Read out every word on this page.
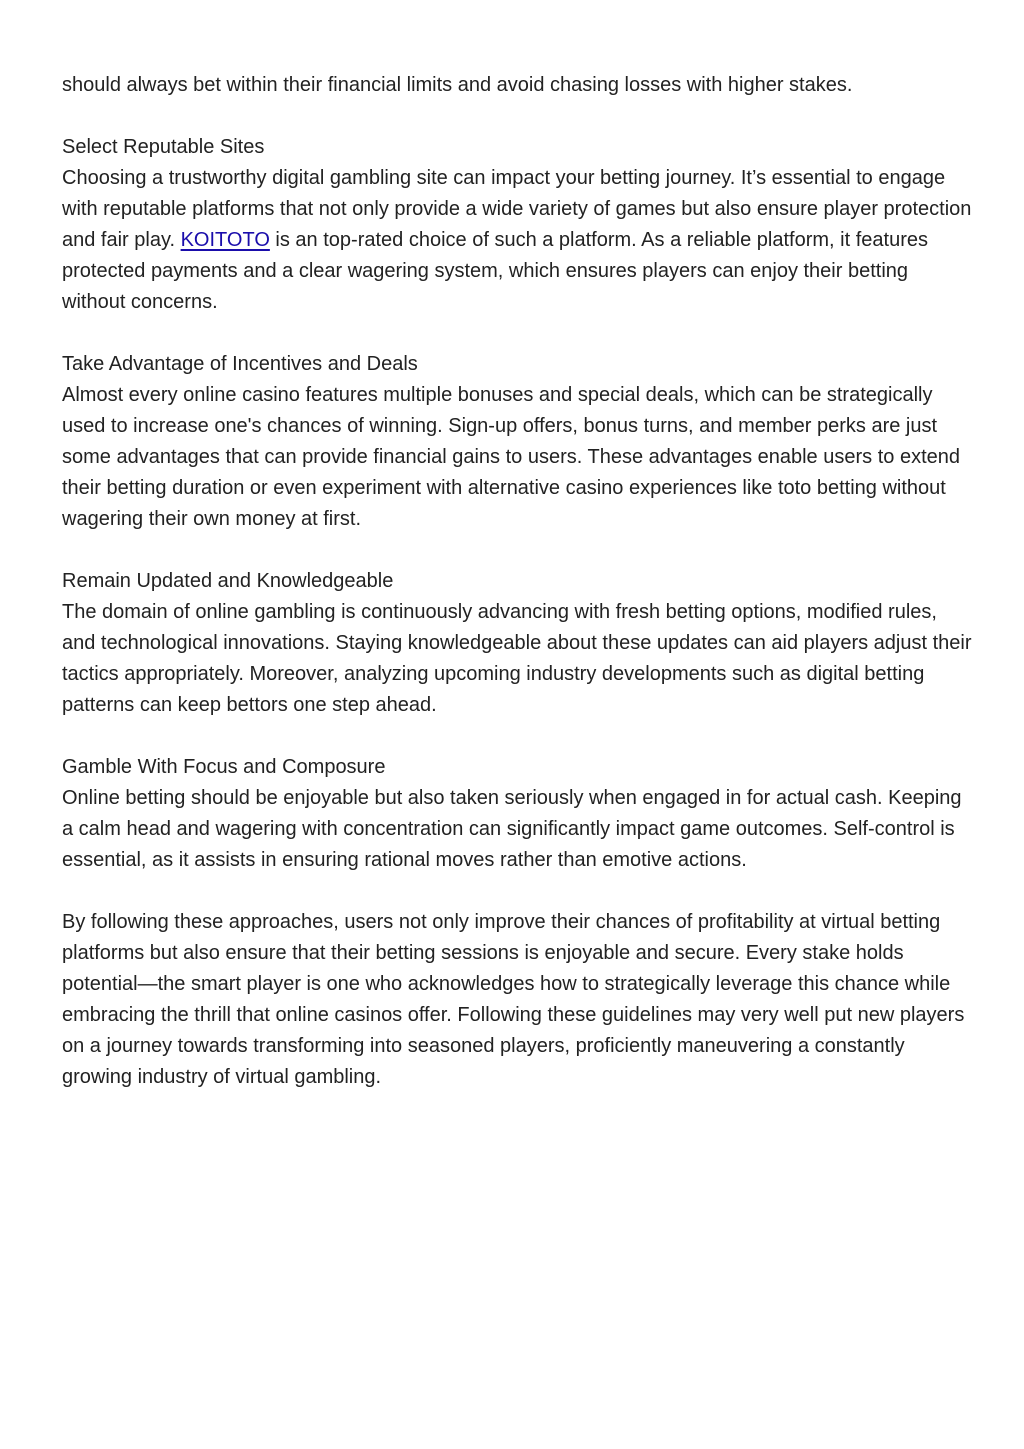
should always bet within their financial limits and avoid chasing losses with higher stakes.

Select Reputable Sites
Choosing a trustworthy digital gambling site can impact your betting journey. It’s essential to engage with reputable platforms that not only provide a wide variety of games but also ensure player protection and fair play. KOITOTO is an top-rated choice of such a platform. As a reliable platform, it features protected payments and a clear wagering system, which ensures players can enjoy their betting without concerns.

Take Advantage of Incentives and Deals
Almost every online casino features multiple bonuses and special deals, which can be strategically used to increase one's chances of winning. Sign-up offers, bonus turns, and member perks are just some advantages that can provide financial gains to users. These advantages enable users to extend their betting duration or even experiment with alternative casino experiences like toto betting without wagering their own money at first.

Remain Updated and Knowledgeable
The domain of online gambling is continuously advancing with fresh betting options, modified rules, and technological innovations. Staying knowledgeable about these updates can aid players adjust their tactics appropriately. Moreover, analyzing upcoming industry developments such as digital betting patterns can keep bettors one step ahead.

Gamble With Focus and Composure
Online betting should be enjoyable but also taken seriously when engaged in for actual cash. Keeping a calm head and wagering with concentration can significantly impact game outcomes. Self-control is essential, as it assists in ensuring rational moves rather than emotive actions.

By following these approaches, users not only improve their chances of profitability at virtual betting platforms but also ensure that their betting sessions is enjoyable and secure. Every stake holds potential—the smart player is one who acknowledges how to strategically leverage this chance while embracing the thrill that online casinos offer. Following these guidelines may very well put new players on a journey towards transforming into seasoned players, proficiently maneuvering a constantly growing industry of virtual gambling.
